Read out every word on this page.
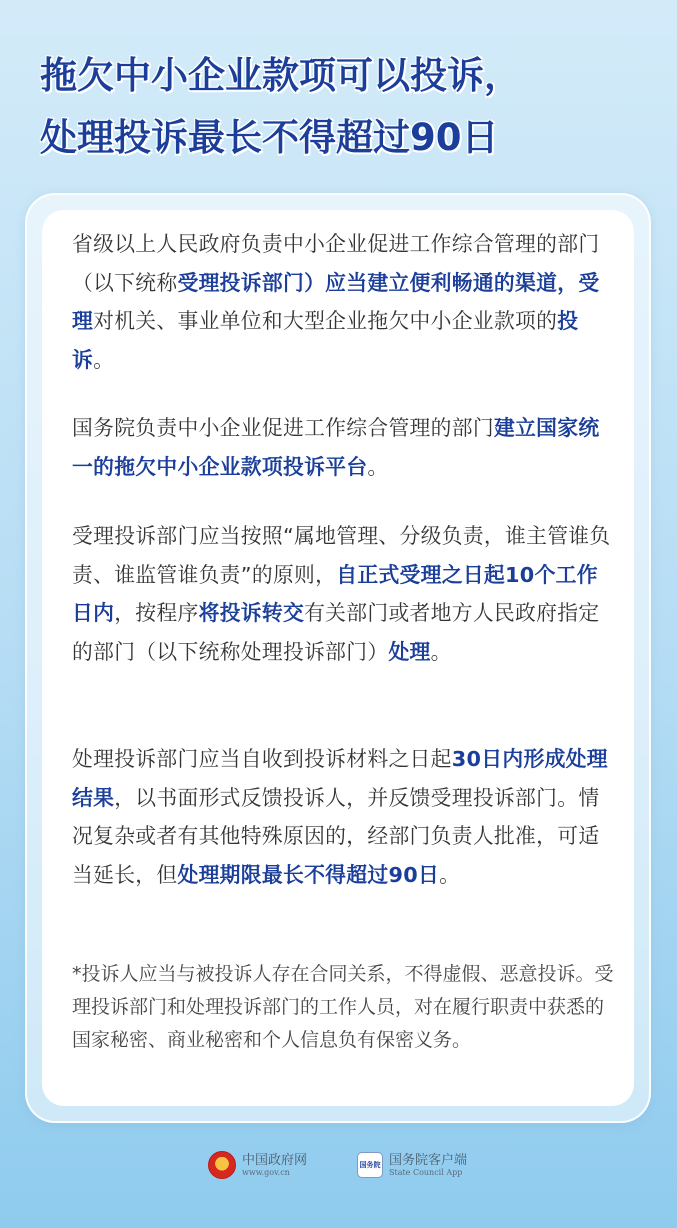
拖欠中小企业款项可以投诉，
处理投诉最长不得超过90日

省级以上人民政府负责中小企业促进工作综合管理的部门（以下统称受理投诉部门）应当建立便利畅通的渠道，受理对机关、事业单位和大型企业拖欠中小企业款项的投诉。

国务院负责中小企业促进工作综合管理的部门建立国家统一的拖欠中小企业款项投诉平台。

受理投诉部门应当按照“属地管理、分级负责，谁主管谁负责、谁监管谁负责”的原则，自正式受理之日起10个工作日内，按程序将投诉转交有关部门或者地方人民政府指定的部门（以下统称处理投诉部门）处理。

处理投诉部门应当自收到投诉材料之日起30日内形成处理结果，以书面形式反馈投诉人，并反馈受理投诉部门。情况复杂或者有其他特殊原因的，经部门负责人批准，可适当延长，但处理期限最长不得超过90日。

*投诉人应当与被投诉人存在合同关系，不得虚假、恶意投诉。受理投诉部门和处理投诉部门的工作人员，对在履行职责中获悉的国家秘密、商业秘密和个人信息负有保密义务。

★	中国政府网
www.gov.cn
国务院 国务院客户端
State Council App
